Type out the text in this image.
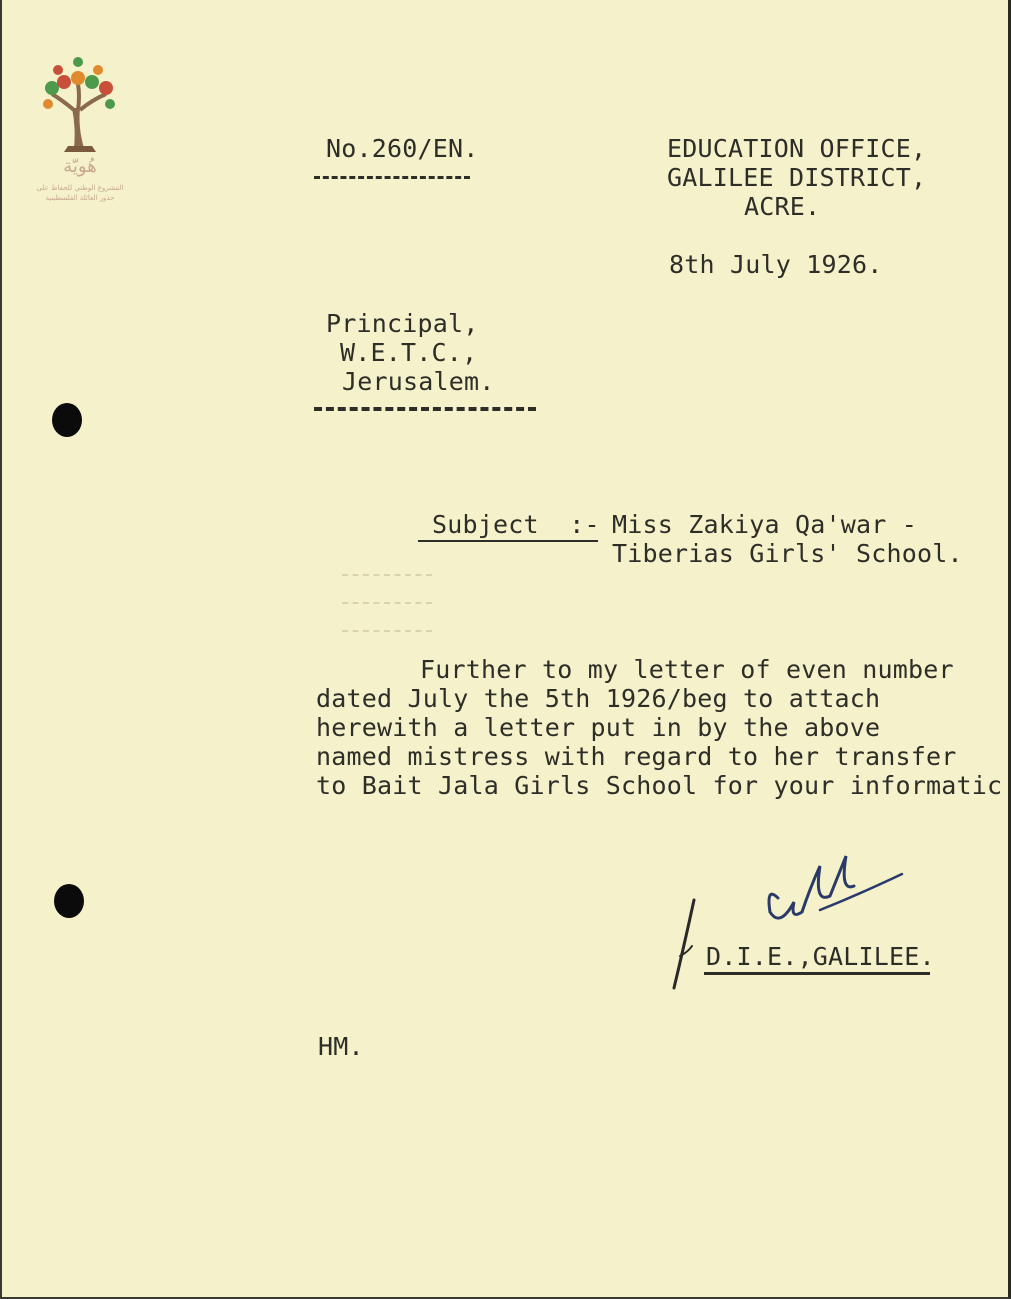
هُويّة
المشروع الوطني للحفاظ على
جذور العائلة الفلسطينية
No.260/EN.	EDUCATION OFFICE,
GALILEE DISTRICT,
ACRE.
8th July 1926.
Principal,
W.E.T.C.,
Jerusalem.
Subject  :- Miss Zakiya Qa'war -
Tiberias Girls' School.
Further to my letter of even number
dated July the 5th 1926/beg to attach
herewith a letter put in by the above
named mistress with regard to her transfer
to Bait Jala Girls School for your informatic
D.I.E.,GALILEE.
HM.
